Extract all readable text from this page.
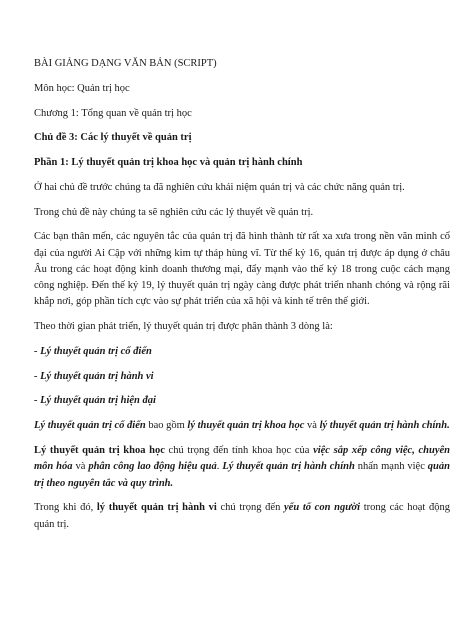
BÀI GIẢNG DẠNG VĂN BẢN (SCRIPT)

Môn học: Quản trị học

Chương 1: Tổng quan về quản trị học

Chủ đề 3: Các lý thuyết về quản trị

Phần 1: Lý thuyết quản trị khoa học và quản trị hành chính

Ở hai chủ đề trước chúng ta đã nghiên cứu khái niệm quản trị và các chức năng quản trị.

Trong chủ đề này chúng ta sẽ nghiên cứu các lý thuyết về quản trị.

Các bạn thân mến, các nguyên tắc của quản trị đã hình thành từ rất xa xưa trong nền văn minh cổ đại của người Ai Cập với những kim tự tháp hùng vĩ. Từ thế kỷ 16, quản trị được áp dụng ở châu Âu trong các hoạt động kinh doanh thương mại, đẩy mạnh vào thế kỷ 18 trong cuộc cách mạng công nghiệp. Đến thế kỷ 19, lý thuyết quản trị ngày càng được phát triển nhanh chóng và rộng rãi khắp nơi, góp phần tích cực vào sự phát triển của xã hội và kinh tế trên thế giới.

Theo thời gian phát triển, lý thuyết quản trị được phân thành 3 dòng là:

- Lý thuyết quản trị cổ điển

- Lý thuyết quản trị hành vi

- Lý thuyết quản trị hiện đại

Lý thuyết quản trị cổ điển bao gồm lý thuyết quản trị khoa học và lý thuyết quản trị hành chính.

Lý thuyết quản trị khoa học chú trọng đến tính khoa học của việc sắp xếp công việc, chuyên môn hóa và phân công lao động hiệu quả. Lý thuyết quản trị hành chính nhấn mạnh việc quản trị theo nguyên tắc và quy trình.

Trong khi đó, lý thuyết quản trị hành vi chú trọng đến yếu tố con người trong các hoạt động quản trị.
